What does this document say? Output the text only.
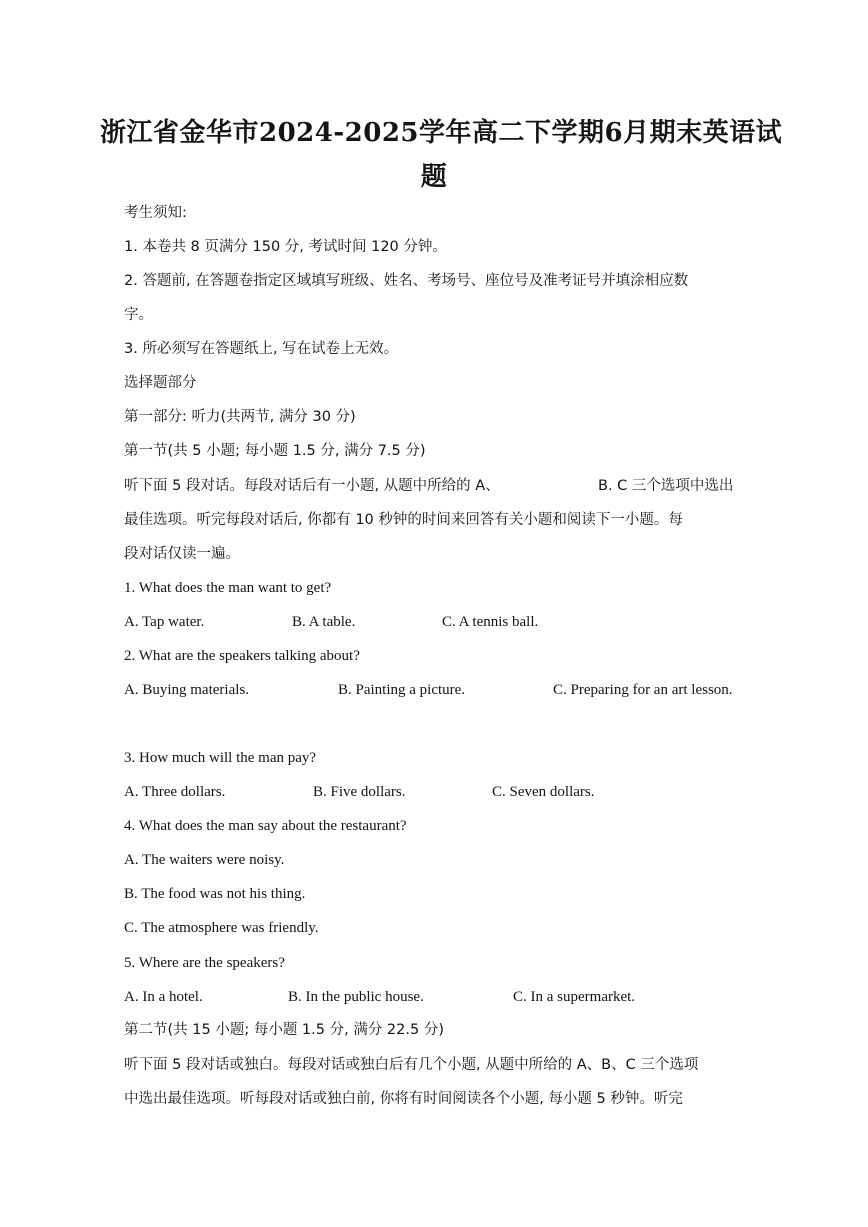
浙江省金华市2024-2025学年高二下学期6月期末英语试
题
考生须知:
1. 本卷共 8 页满分 150 分, 考试时间 120 分钟。
2. 答题前, 在答题卷指定区域填写班级、姓名、考场号、座位号及准考证号并填涂相应数
字。
3. 所必须写在答题纸上, 写在试卷上无效。
选择题部分
第一部分: 听力(共两节, 满分 30 分)
第一节(共 5 小题; 每小题 1.5 分, 满分 7.5 分)
听下面 5 段对话。每段对话后有一小题, 从题中所给的 A、	B. C 三个选项中选出
最佳选项。听完每段对话后, 你都有 10 秒钟的时间来回答有关小题和阅读下一小题。每
段对话仅读一遍。
1. What does the man want to get?
A. Tap water.	B. A table.	C. A tennis ball.
2. What are the speakers talking about?
A. Buying materials.	B. Painting a picture.	C. Preparing for an art lesson.
3. How much will the man pay?
A. Three dollars.	B. Five dollars.	C. Seven dollars.
4. What does the man say about the restaurant?
A. The waiters were noisy.
B. The food was not his thing.
C. The atmosphere was friendly.
5. Where are the speakers?
A. In a hotel.	B. In the public house.	C. In a supermarket.
第二节(共 15 小题; 每小题 1.5 分, 满分 22.5 分)
听下面 5 段对话或独白。每段对话或独白后有几个小题, 从题中所给的 A、B、C 三个选项
中选出最佳选项。听每段对话或独白前, 你将有时间阅读各个小题, 每小题 5 秒钟。听完
